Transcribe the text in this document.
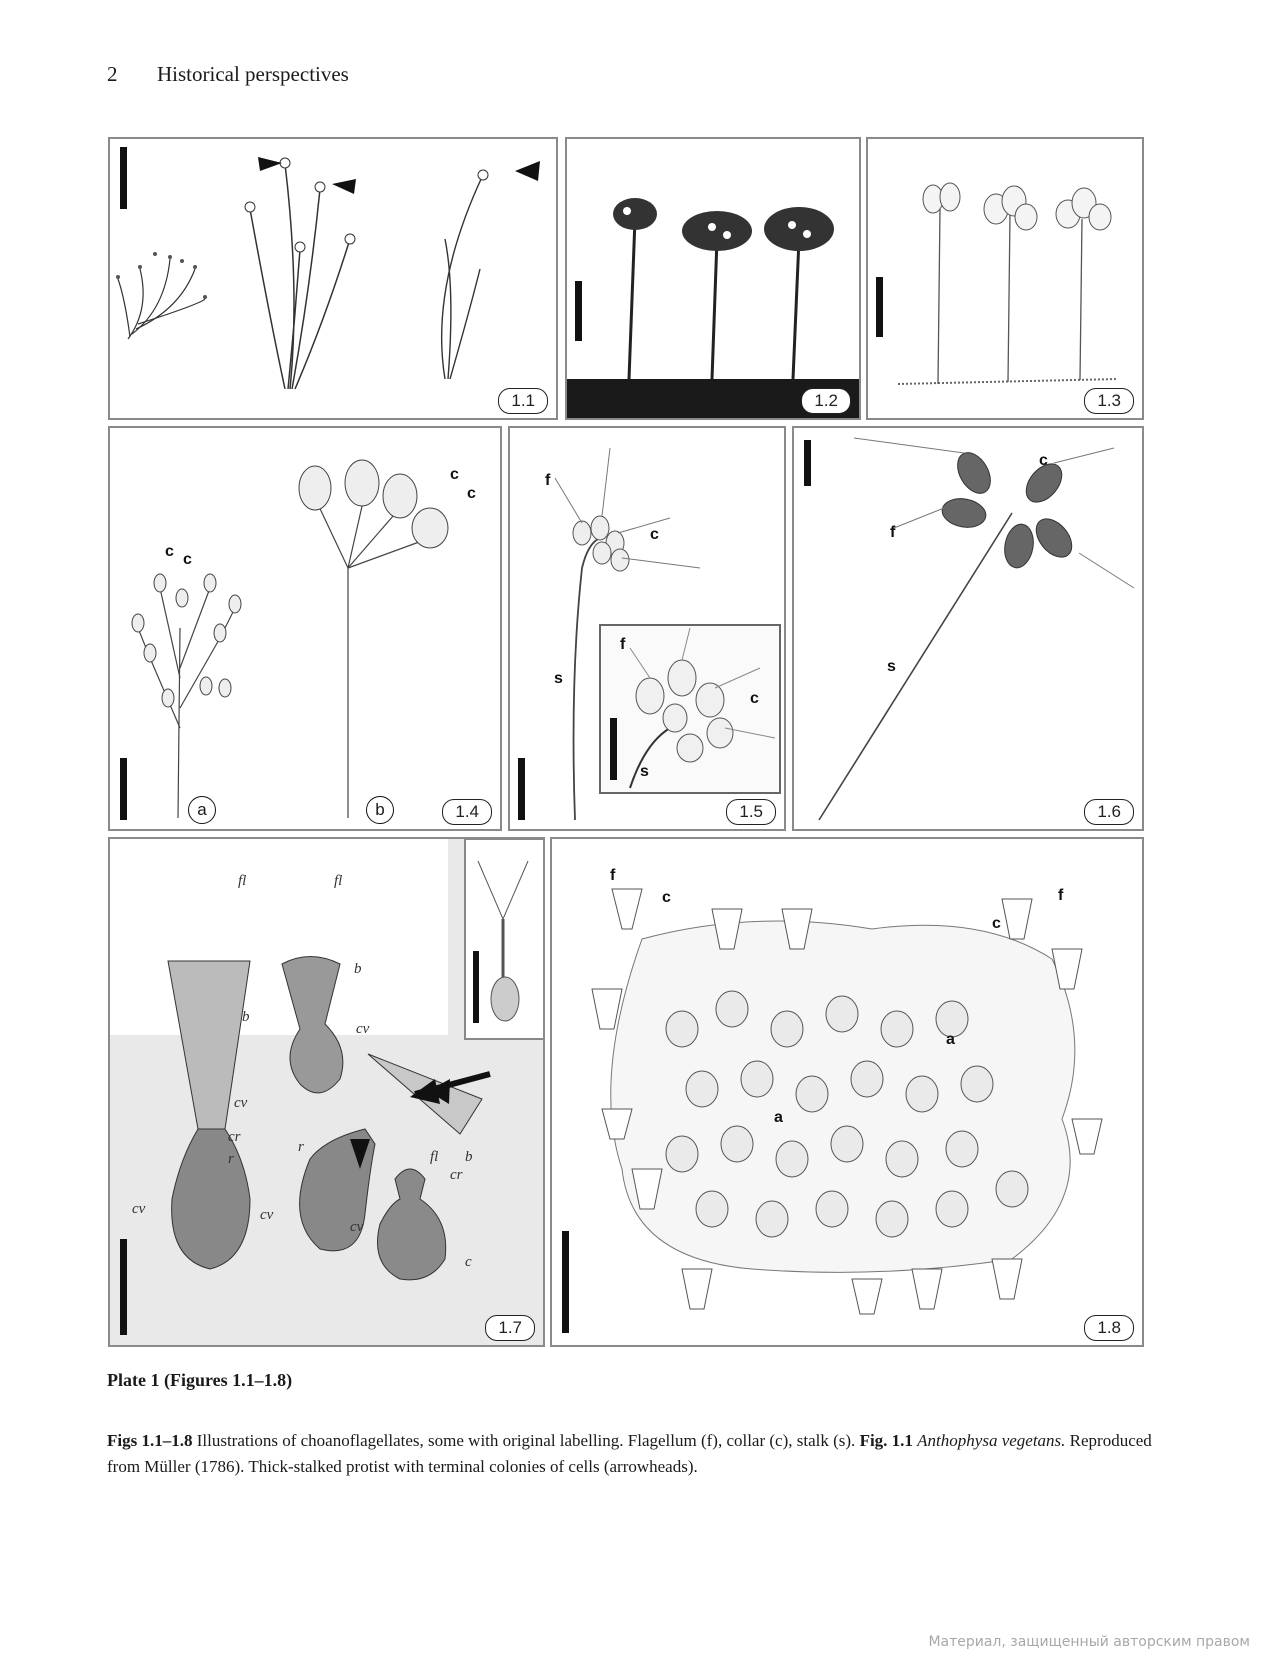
2 Historical perspectives
1.1	1.2	1.3
c c
c
c
a	b	1.4
f
c
s
f
c
s
1.5
c
f
s
1.6
fl	fl
b
b
cv
cv
cr
r
r
fl b
cr
cv	cv
cv
c
1.7
f
c	f
c
a
a
1.8
Plate 1 (Figures 1.1–1.8)
Figs 1.1–1.8 Illustrations of choanoflagellates, some with original labelling. Flagellum (f), collar (c), stalk (s). Fig. 1.1 Anthophysa vegetans. Reproduced from Müller (1786). Thick-stalked protist with terminal colonies of cells (arrowheads).
Материал, защищенный авторским правом
